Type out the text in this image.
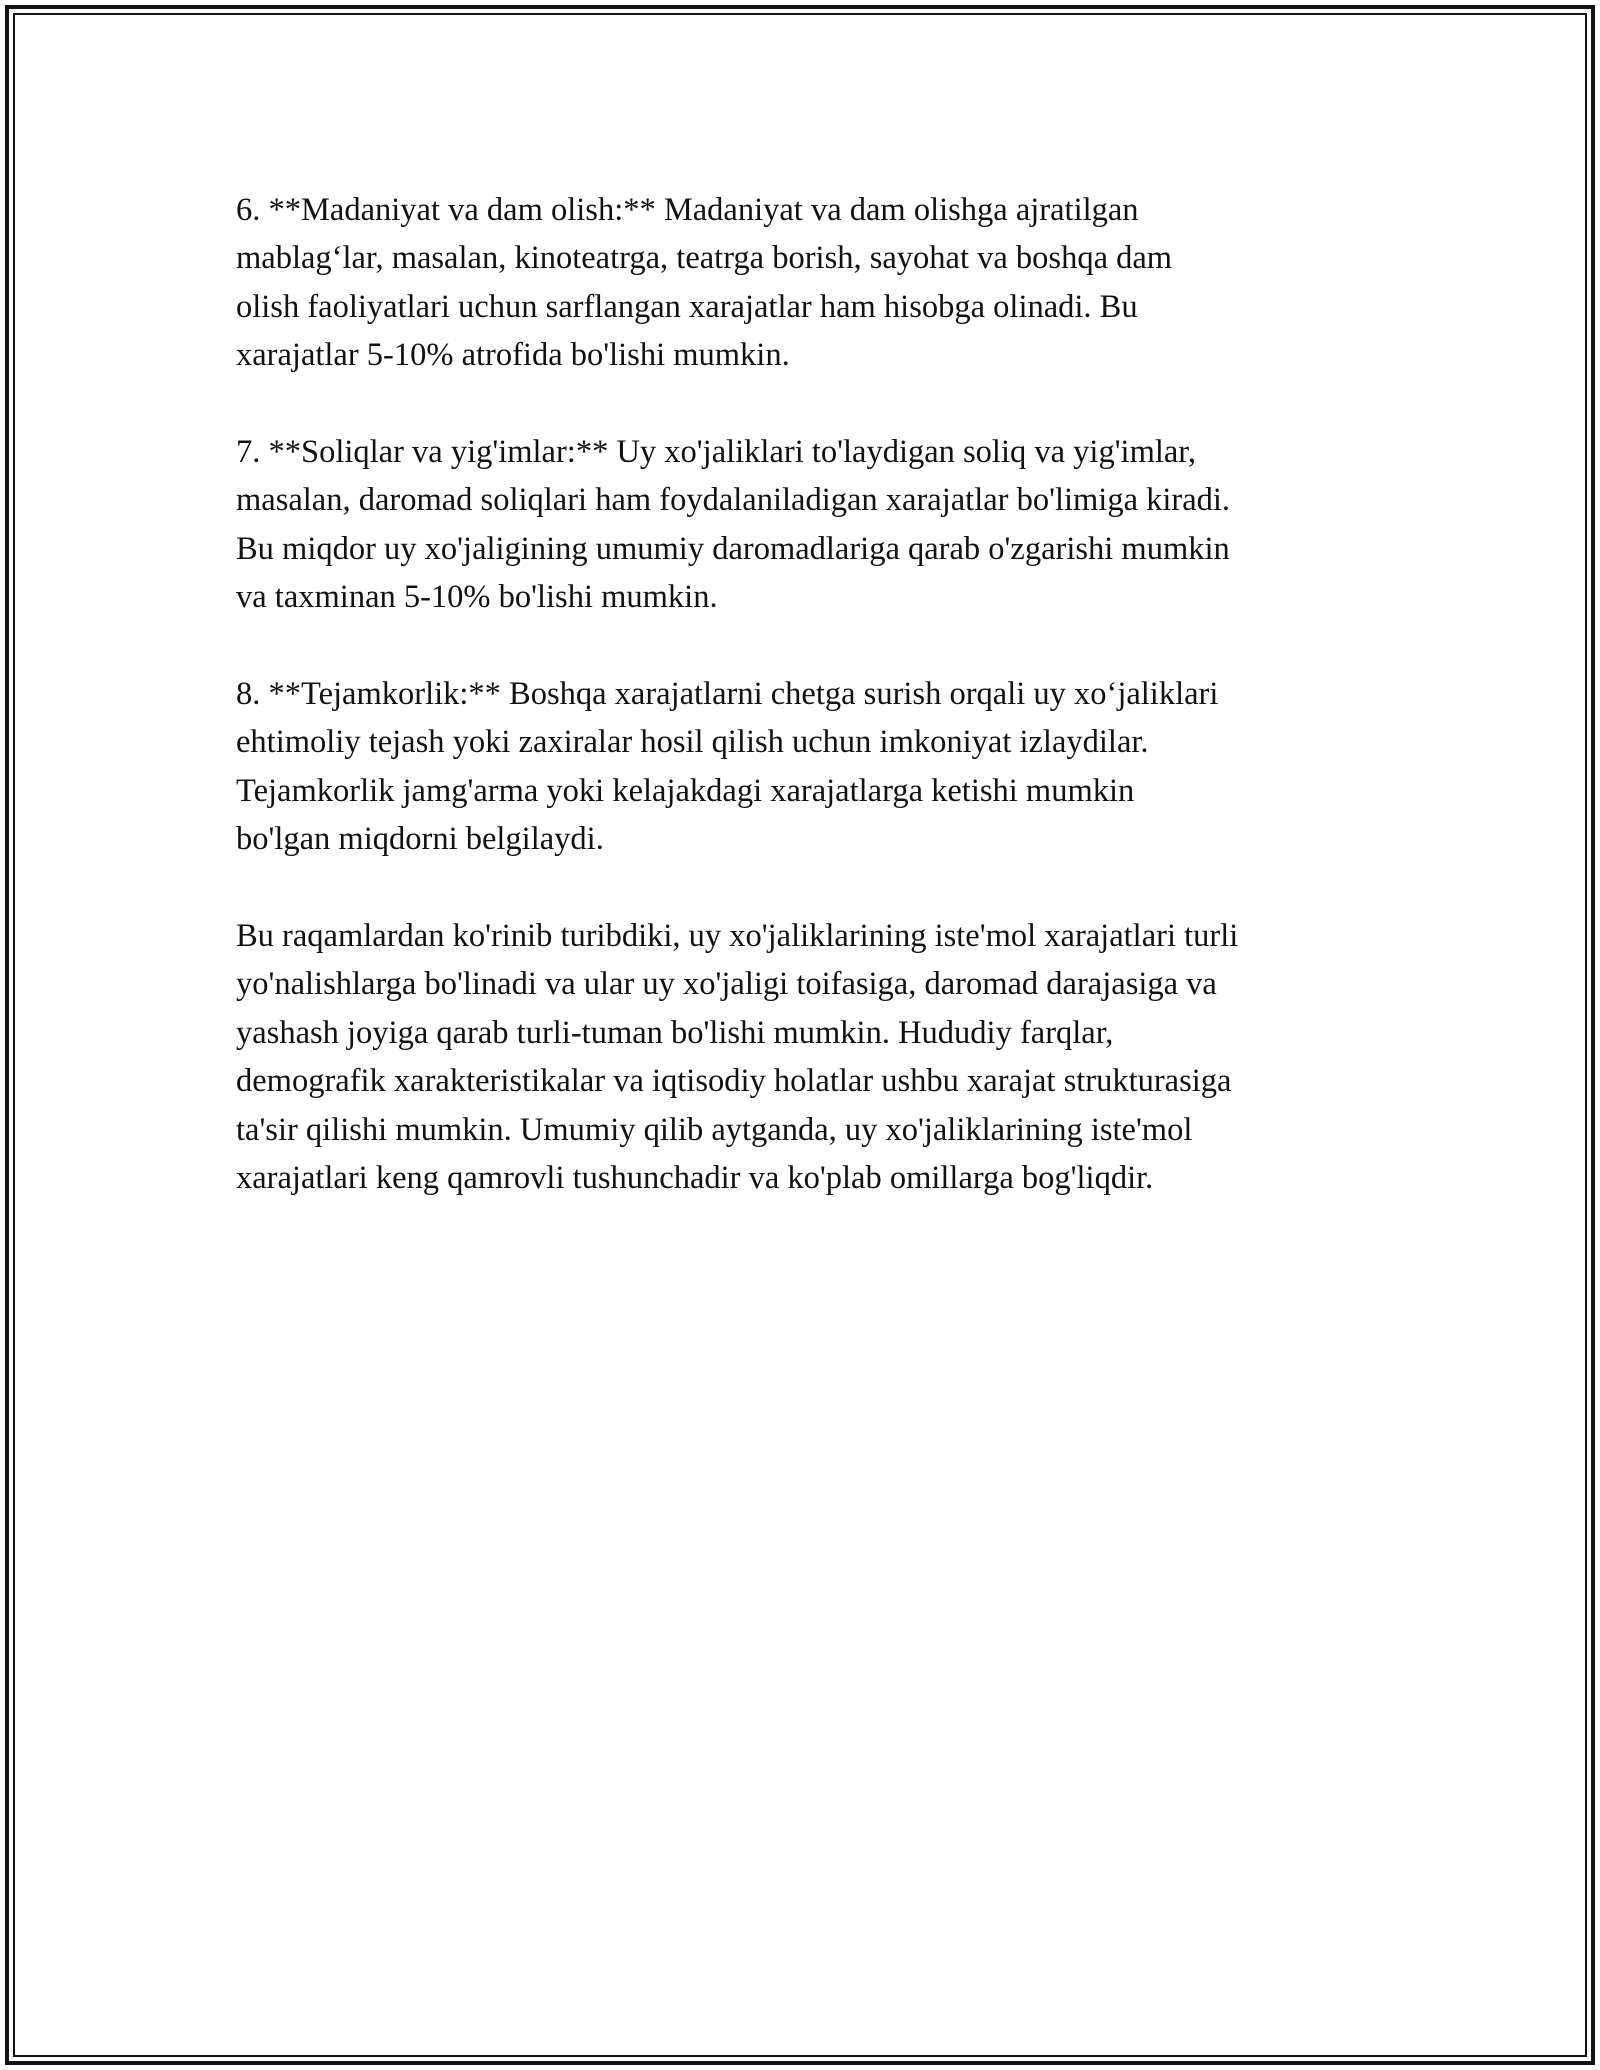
6. **Madaniyat va dam olish:** Madaniyat va dam olishga ajratilgan
mablag‘lar, masalan, kinoteatrga, teatrga borish, sayohat va boshqa dam
olish faoliyatlari uchun sarflangan xarajatlar ham hisobga olinadi. Bu
xarajatlar 5-10% atrofida bo'lishi mumkin.

7. **Soliqlar va yig'imlar:** Uy xo'jaliklari to'laydigan soliq va yig'imlar,
masalan, daromad soliqlari ham foydalaniladigan xarajatlar bo'limiga kiradi.
Bu miqdor uy xo'jaligining umumiy daromadlariga qarab o'zgarishi mumkin
va taxminan 5-10% bo'lishi mumkin.

8. **Tejamkorlik:** Boshqa xarajatlarni chetga surish orqali uy xo‘jaliklari
ehtimoliy tejash yoki zaxiralar hosil qilish uchun imkoniyat izlaydilar.
Tejamkorlik jamg'arma yoki kelajakdagi xarajatlarga ketishi mumkin
bo'lgan miqdorni belgilaydi.

Bu raqamlardan ko'rinib turibdiki, uy xo'jaliklarining iste'mol xarajatlari turli
yo'nalishlarga bo'linadi va ular uy xo'jaligi toifasiga, daromad darajasiga va
yashash joyiga qarab turli-tuman bo'lishi mumkin. Hududiy farqlar,
demografik xarakteristikalar va iqtisodiy holatlar ushbu xarajat strukturasiga
ta'sir qilishi mumkin. Umumiy qilib aytganda, uy xo'jaliklarining iste'mol
xarajatlari keng qamrovli tushunchadir va ko'plab omillarga bog'liqdir.
